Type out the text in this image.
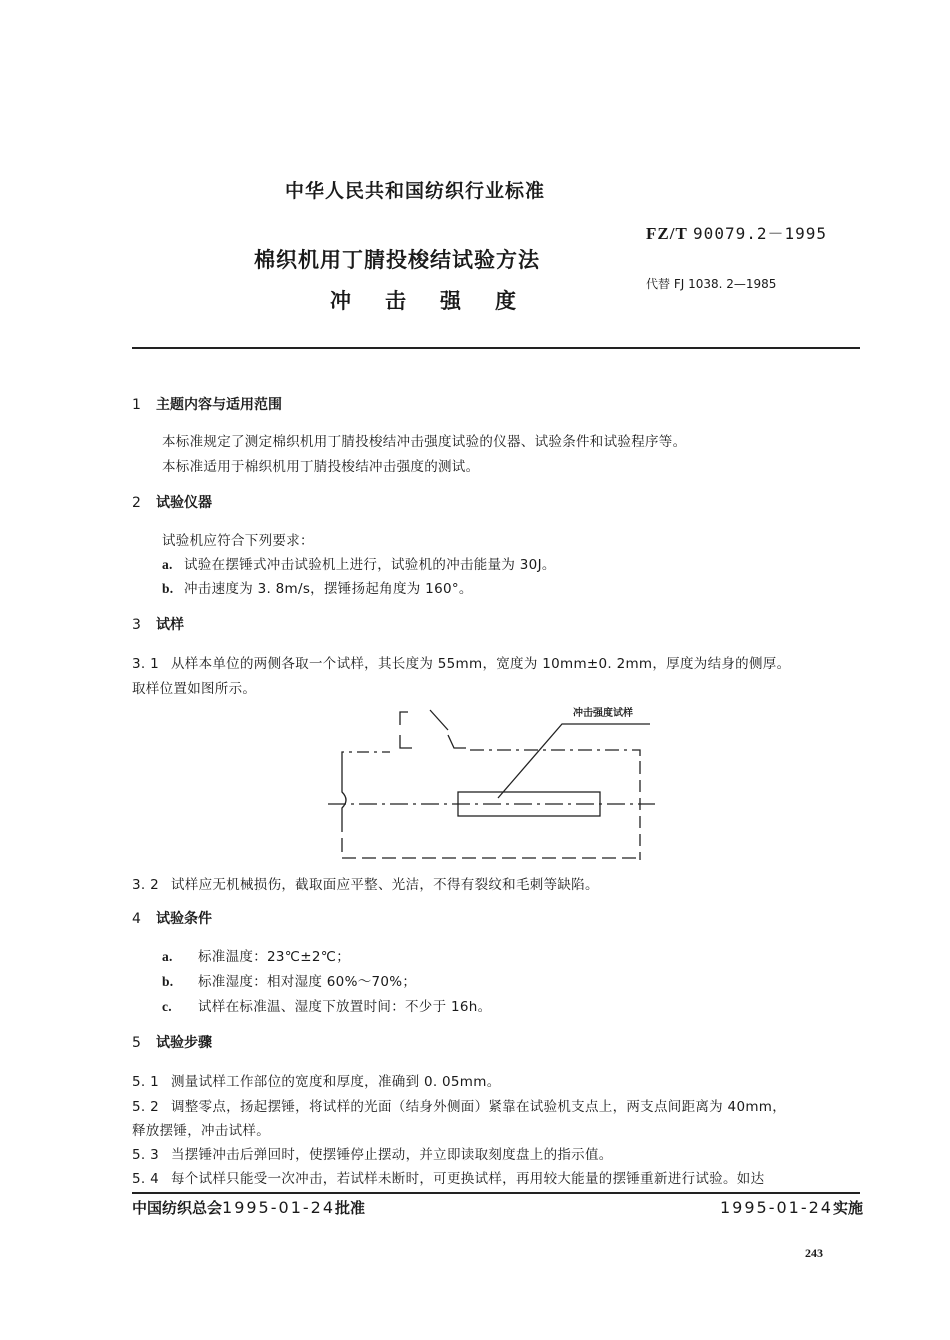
中华人民共和国纺织行业标准
FZ/T 90079.2－1995
棉织机用丁腈投梭结试验方法
冲 击 强 度
代替 FJ 1038. 2—1985
1 主题内容与适用范围
本标准规定了测定棉织机用丁腈投梭结冲击强度试验的仪器、试验条件和试验程序等。
本标准适用于棉织机用丁腈投梭结冲击强度的测试。
2 试验仪器
试验机应符合下列要求：
a. 试验在摆锤式冲击试验机上进行，试验机的冲击能量为 30J。
b. 冲击速度为 3. 8m/s，摆锤扬起角度为 160°。
3 试样
3. 1 从样本单位的两侧各取一个试样，其长度为 55mm，宽度为 10mm±0. 2mm，厚度为结身的侧厚。
取样位置如图所示。
冲击强度试样
3. 2 试样应无机械损伤，截取面应平整、光洁，不得有裂纹和毛刺等缺陷。
4 试验条件
a. 标准温度：23℃±2℃；
b. 标准湿度：相对湿度 60%～70%；
c. 试样在标准温、湿度下放置时间：不少于 16h。
5 试验步骤
5. 1 测量试样工作部位的宽度和厚度，准确到 0. 05mm。
5. 2 调整零点，扬起摆锤，将试样的光面（结身外侧面）紧靠在试验机支点上，两支点间距离为 40mm，
释放摆锤，冲击试样。
5. 3 当摆锤冲击后弹回时，使摆锤停止摆动，并立即读取刻度盘上的指示值。
5. 4 每个试样只能受一次冲击，若试样未断时，可更换试样，再用较大能量的摆锤重新进行试验。如达
中国纺织总会1995-01-24批准	1995-01-24实施
243
